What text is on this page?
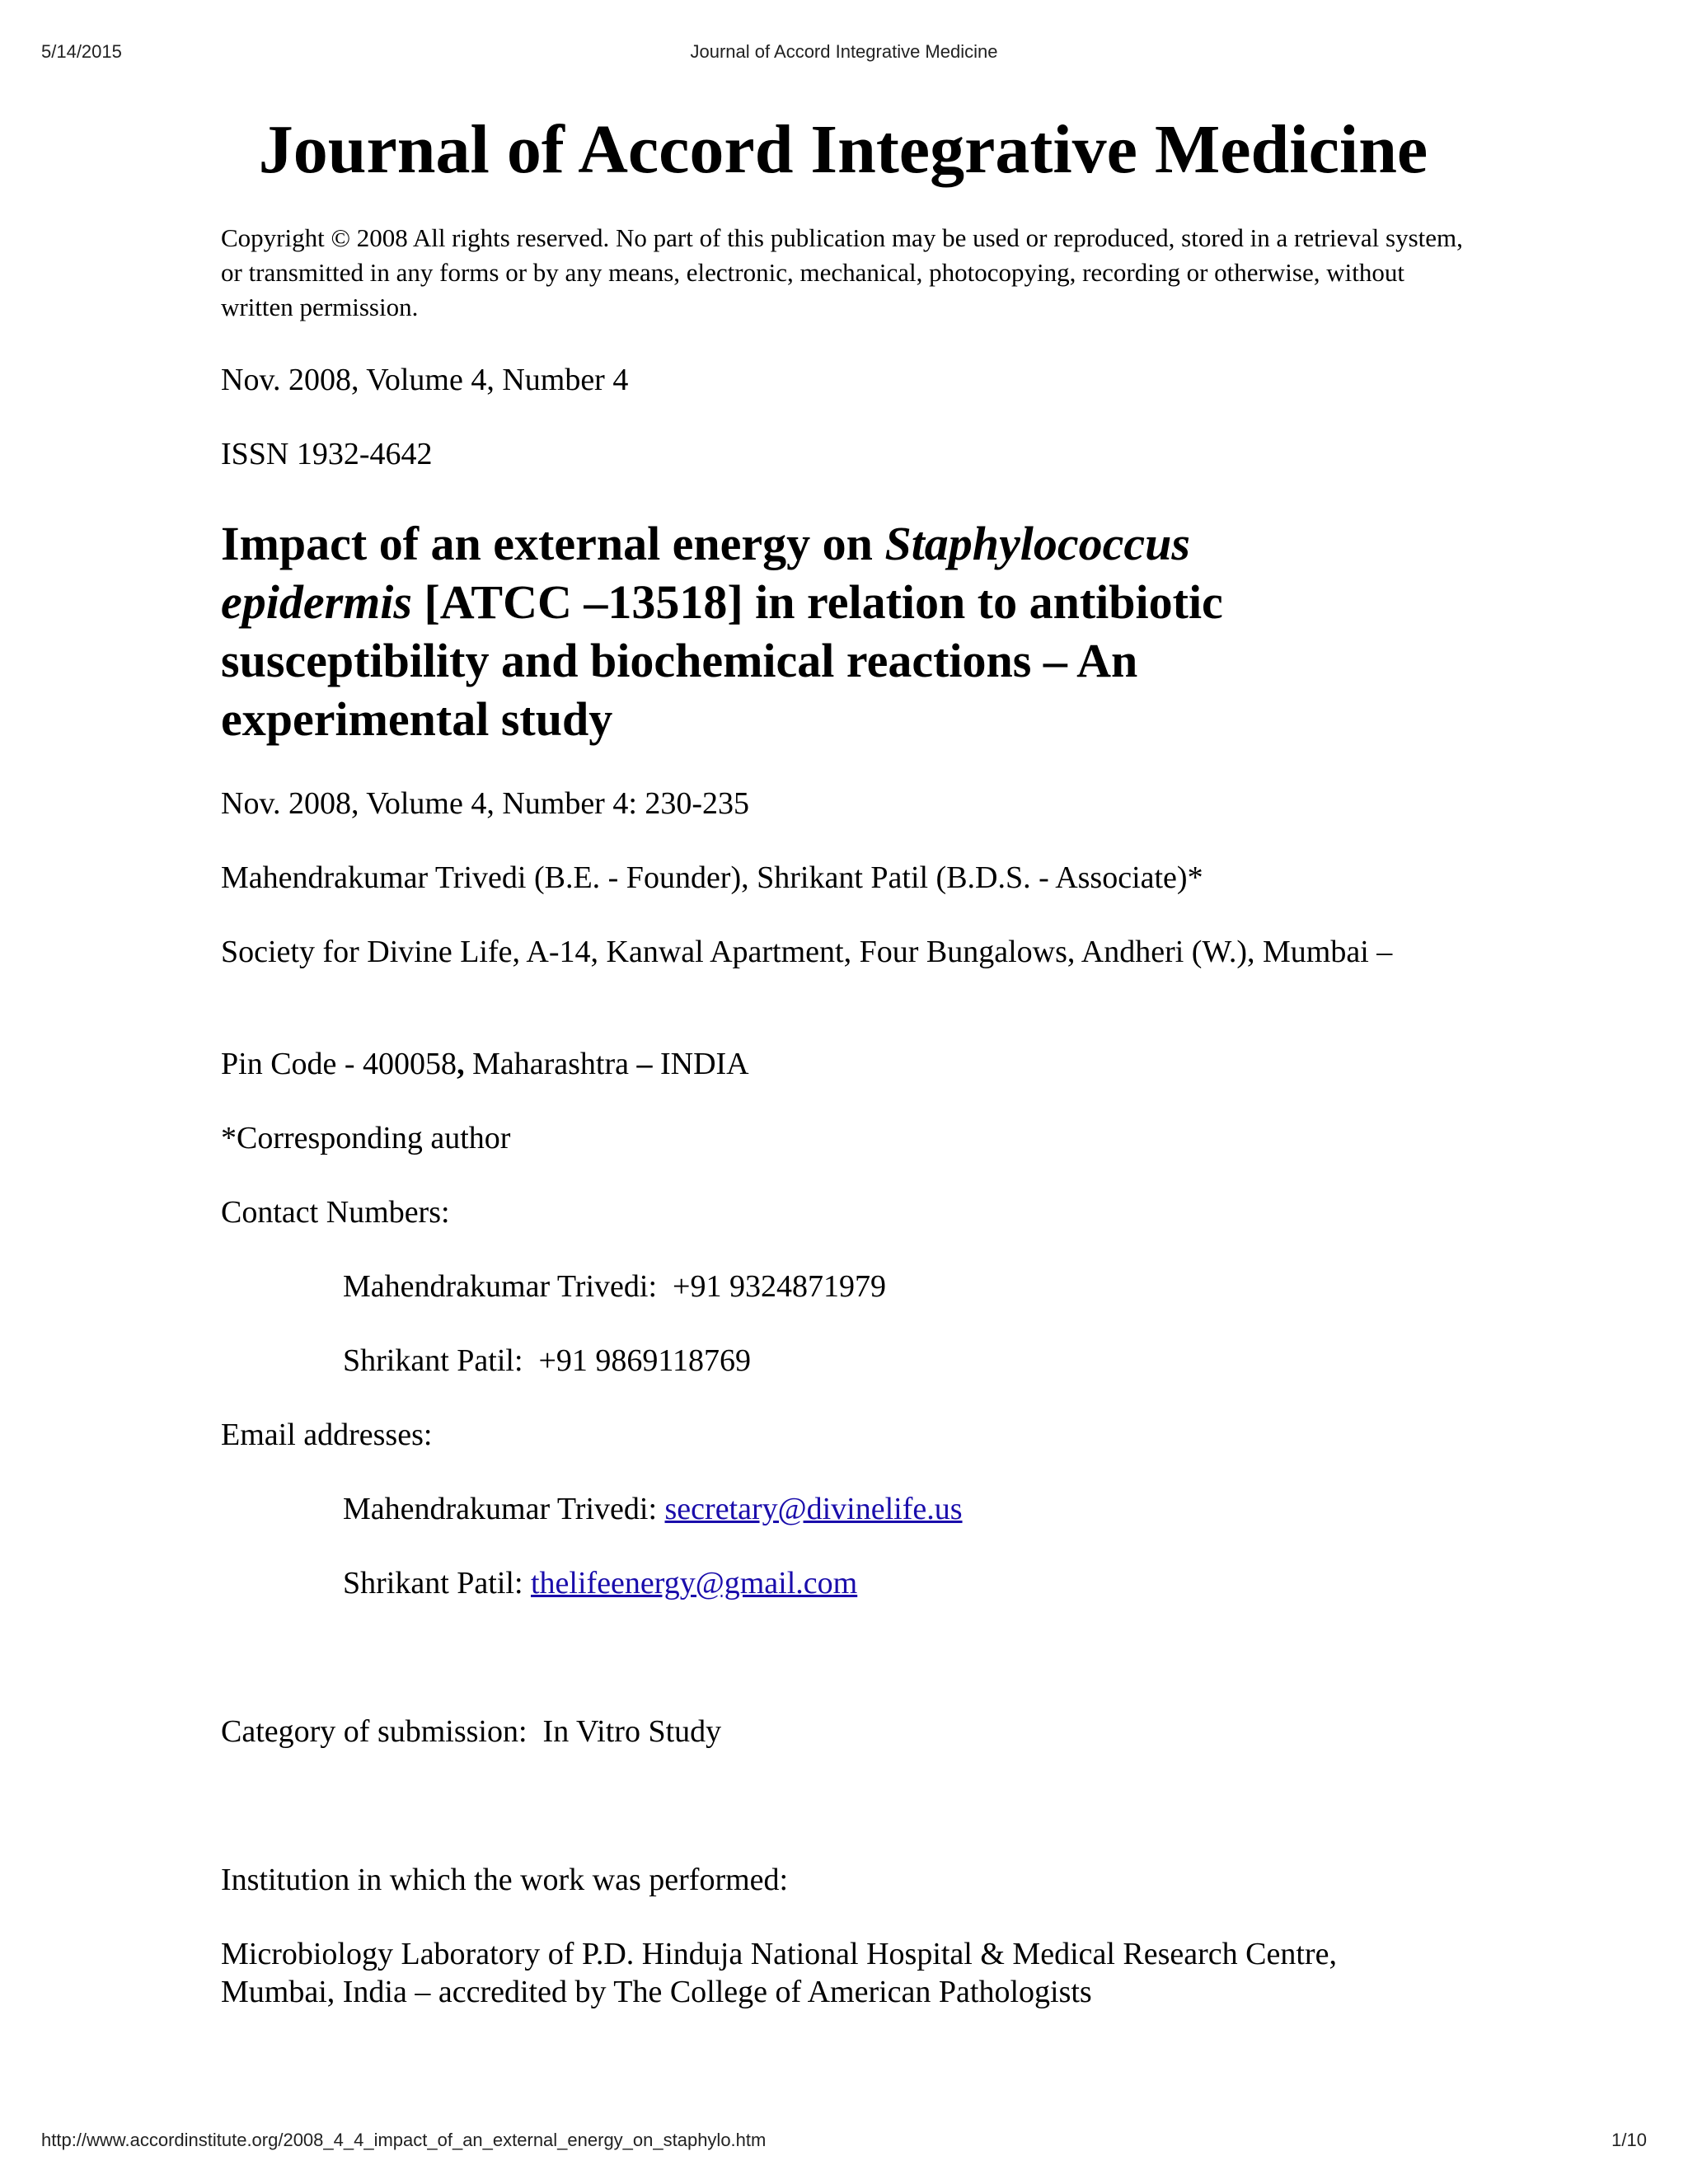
5/14/2015	Journal of Accord Integrative Medicine
Journal of Accord Integrative Medicine

Copyright © 2008 All rights reserved. No part of this publication may be used or reproduced, stored in a retrieval system, or transmitted in any forms or by any means, electronic, mechanical, photocopying, recording or otherwise, without written permission.

Nov. 2008, Volume 4, Number 4

ISSN 1932-4642

Impact of an external energy on Staphylococcus epidermis [ATCC –13518] in relation to antibiotic susceptibility and biochemical reactions – An experimental study

Nov. 2008, Volume 4, Number 4: 230-235

Mahendrakumar Trivedi (B.E. - Founder), Shrikant Patil (B.D.S. - Associate)*

Society for Divine Life, A-14, Kanwal Apartment, Four Bungalows, Andheri (W.), Mumbai –

Pin Code - 400058, Maharashtra – INDIA

*Corresponding author

Contact Numbers:

Mahendrakumar Trivedi: +91 9324871979

Shrikant Patil: +91 9869118769

Email addresses:

Mahendrakumar Trivedi: secretary@divinelife.us

Shrikant Patil: thelifeenergy@gmail.com

Category of submission: In Vitro Study

Institution in which the work was performed:

Microbiology Laboratory of P.D. Hinduja National Hospital & Medical Research Centre, Mumbai, India – accredited by The College of American Pathologists

http://www.accordinstitute.org/2008_4_4_impact_of_an_external_energy_on_staphylo.htm	1/10
